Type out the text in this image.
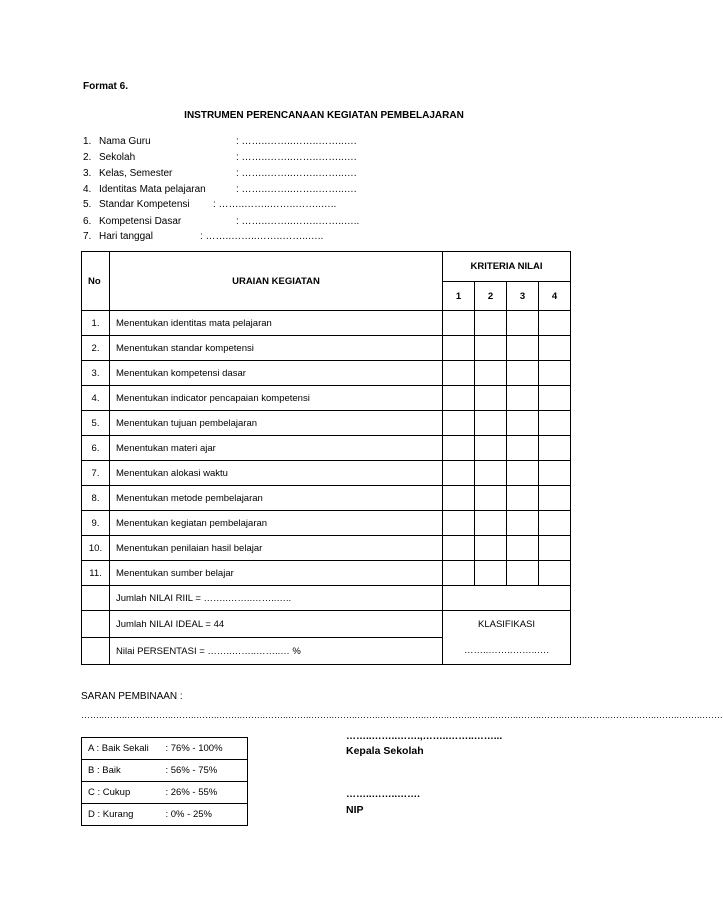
Format 6.
INSTRUMEN PERENCANAAN KEGIATAN PEMBELAJARAN
1. Nama Guru	: ……..……..……..……..….
2. Sekolah	: ……..……..……..……..….
3. Kelas, Semester	: ……..……..……..……..….
4. Identitas Mata pelajaran	: ……..……..……..……..….
5. Standar Kompetensi : ……..……..……..……..…..
6. Kompetensi Dasar	: ……..……..……..……..…..
7. Hari tanggal	: ……..……..……..……..…..
No	URAIAN KEGIATAN	KRITERIA NILAI			
		1	2	3	4
1.	Menentukan identitas mata pelajaran				
2.	Menentukan standar kompetensi				
3.	Menentukan kompetensi dasar				
4.	Menentukan indicator pencapaian kompetensi				
5.	Menentukan tujuan pembelajaran				
6.	Menentukan materi ajar				
7.	Menentukan alokasi waktu				
8.	Menentukan metode pembelajaran				
9.	Menentukan kegiatan pembelajaran				
10.	Menentukan penilaian hasil belajar				
11.	Menentukan sumber belajar				
	Jumlah NILAI RIIL = ……..……..……..…..				
	Jumlah NILAI IDEAL = 44	KLASIFIKASI			
	Nilai PERSENTASI = ……..……..……..… %	……..……..……..….			
SARAN PEMBINAAN :
……..……..……..……..……..……..……..……..……..……..……..……..……..……..……..……..……..……..……..……..……..……..……..……..……..……..……..…….
A : Baik Sekali	: 76% - 100%
B : Baik	: 56% - 75%
C : Cukup	: 26% - 55%
D : Kurang	: 0% - 25%
……..……..…….,……..……..……...
Kepala Sekolah
……..……..…….
NIP
